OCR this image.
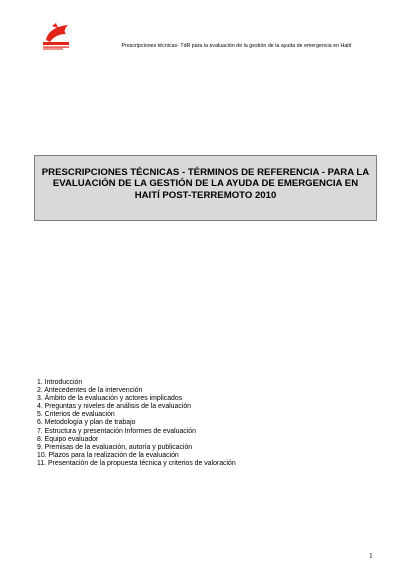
Prescripciones técnicas- TdR para la evaluación de la gestión de la ayuda de emergencia en Haití
PRESCRIPCIONES TÉCNICAS - TÉRMINOS DE REFERENCIA - PARA LA EVALUACIÓN DE LA GESTIÓN DE LA AYUDA DE EMERGENCIA EN HAITÍ POST-TERREMOTO 2010
1. Introducción
2. Antecedentes de la intervención
3. Ámbito de la evaluación y actores implicados
4. Preguntas y niveles de análisis de la evaluación
5. Criterios de evaluación
6. Metodología y plan de trabajo
7. Estructura y presentación Informes de evaluación
8. Equipo evaluador
9. Premisas de la evaluación, autoría y publicación
10. Plazos para la realización de la evaluación
11. Presentación de la propuesta técnica y criterios de valoración
1
